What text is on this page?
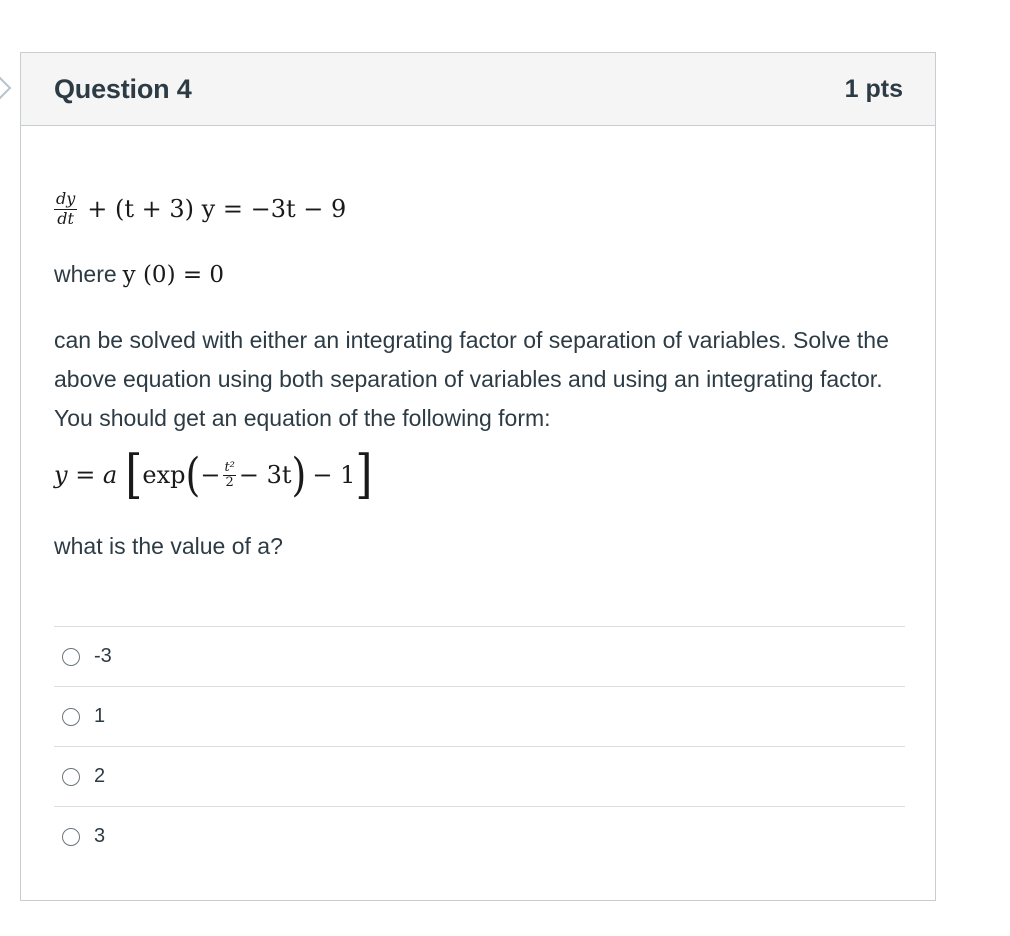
Question 4	1 pts
$\frac{dy}{dt} + (t + 3) y = -3t - 9$
where y (0) = 0
can be solved with either an integrating factor of separation of variables. Solve the above equation using both separation of variables and using an integrating factor. You should get an equation of the following form:
y = a [ exp ( − $\frac{\text{t²}}{2} - 3t$ ) − 1 ]
what is the value of a?
-3
1
2
3
